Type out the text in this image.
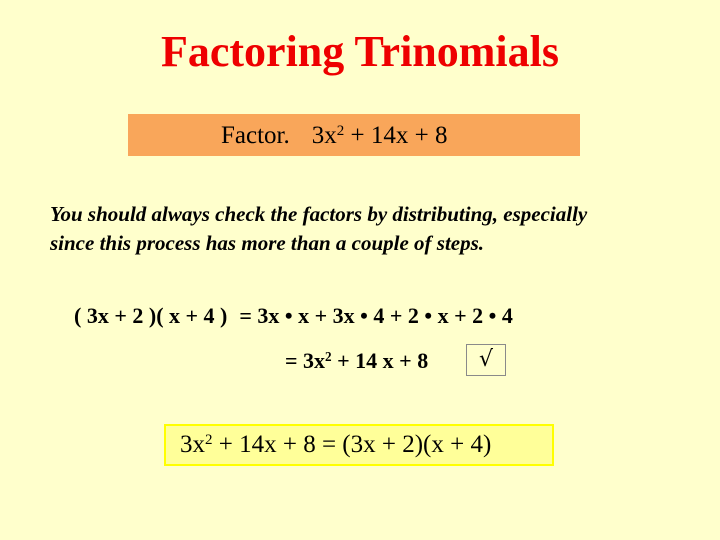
Factoring Trinomials
Factor. $3x^2 + 14x + 8$
You should always check the factors by distributing, especially
since this process has more than a couple of steps.
( 3x + 2 )( x + 4 ) = 3x • x + 3x • 4 + 2 • x + 2 • 4
= $3x^2 + 14$ x + 8	√
$3x^2 + 14x + 8 = (3x + 2)(x + 4)$
